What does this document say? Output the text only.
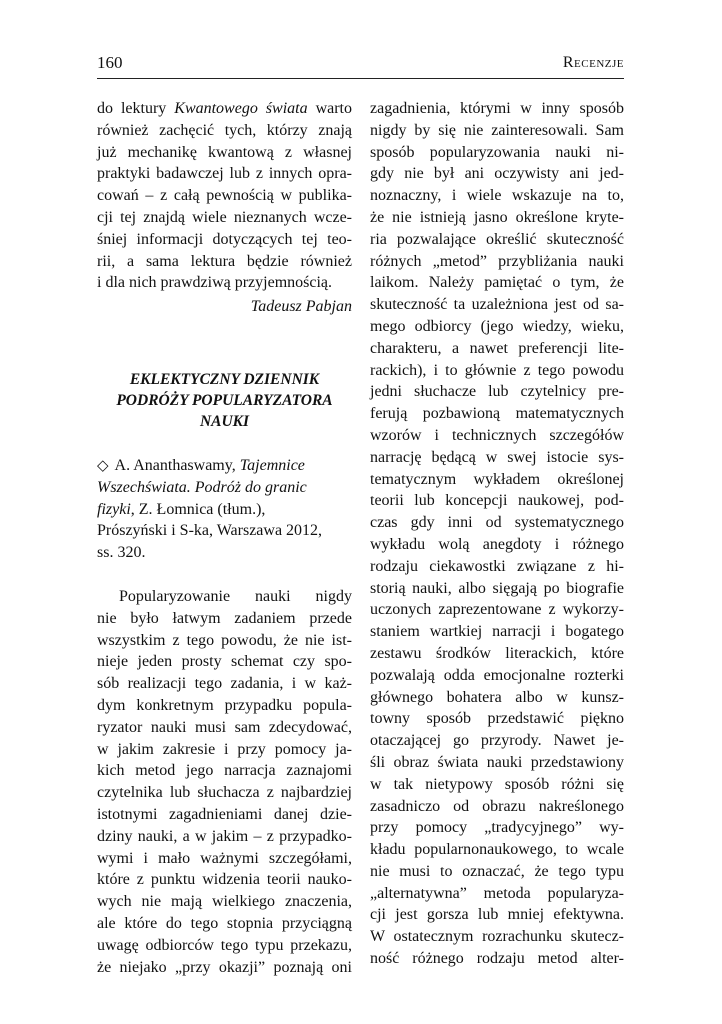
160	Recenzje
do lektury Kwantowego świata warto
również zachęcić tych, którzy znają
już mechanikę kwantową z własnej
praktyki badawczej lub z innych opra-
cowań – z całą pewnością w publika-
cji tej znajdą wiele nieznanych wcze-
śniej informacji dotyczących tej teo-
rii, a sama lektura będzie również
i dla nich prawdziwą przyjemnością.
Tadeusz Pabjan
EKLEKTYCZNY DZIENNIK
PODRÓŻY POPULARYZATORA
NAUKI
◇ A. Ananthaswamy, Tajemnice
Wszechświata. Podróż do granic
fizyki, Z. Łomnica (tłum.),
Prószyński i S-ka, Warszawa 2012,
ss. 320.
Popularyzowanie nauki nigdy
nie było łatwym zadaniem przede
wszystkim z tego powodu, że nie ist-
nieje jeden prosty schemat czy spo-
sób realizacji tego zadania, i w każ-
dym konkretnym przypadku popula-
ryzator nauki musi sam zdecydować,
w jakim zakresie i przy pomocy ja-
kich metod jego narracja zaznajomi
czytelnika lub słuchacza z najbardziej
istotnymi zagadnieniami danej dzie-
dziny nauki, a w jakim – z przypadko-
wymi i mało ważnymi szczegółami,
które z punktu widzenia teorii nauko-
wych nie mają wielkiego znaczenia,
ale które do tego stopnia przyciągną
uwagę odbiorców tego typu przekazu,
że niejako „przy okazji” poznają oni
zagadnienia, którymi w inny sposób
nigdy by się nie zainteresowali. Sam
sposób popularyzowania nauki ni-
gdy nie był ani oczywisty ani jed-
noznaczny, i wiele wskazuje na to,
że nie istnieją jasno określone kryte-
ria pozwalające określić skuteczność
różnych „metod” przybliżania nauki
laikom. Należy pamiętać o tym, że
skuteczność ta uzależniona jest od sa-
mego odbiorcy (jego wiedzy, wieku,
charakteru, a nawet preferencji lite-
rackich), i to głównie z tego powodu
jedni słuchacze lub czytelnicy pre-
ferują pozbawioną matematycznych
wzorów i technicznych szczegółów
narrację będącą w swej istocie sys-
tematycznym wykładem określonej
teorii lub koncepcji naukowej, pod-
czas gdy inni od systematycznego
wykładu wolą anegdoty i różnego
rodzaju ciekawostki związane z hi-
storią nauki, albo sięgają po biografie
uczonych zaprezentowane z wykorzy-
staniem wartkiej narracji i bogatego
zestawu środków literackich, które
pozwalają odda emocjonalne rozterki
głównego bohatera albo w kunsz-
towny sposób przedstawić piękno
otaczającej go przyrody. Nawet je-
śli obraz świata nauki przedstawiony
w tak nietypowy sposób różni się
zasadniczo od obrazu nakreślonego
przy pomocy „tradycyjnego” wy-
kładu popularnonaukowego, to wcale
nie musi to oznaczać, że tego typu
„alternatywna” metoda popularyza-
cji jest gorsza lub mniej efektywna.
W ostatecznym rozrachunku skutecz-
ność różnego rodzaju metod alter-
